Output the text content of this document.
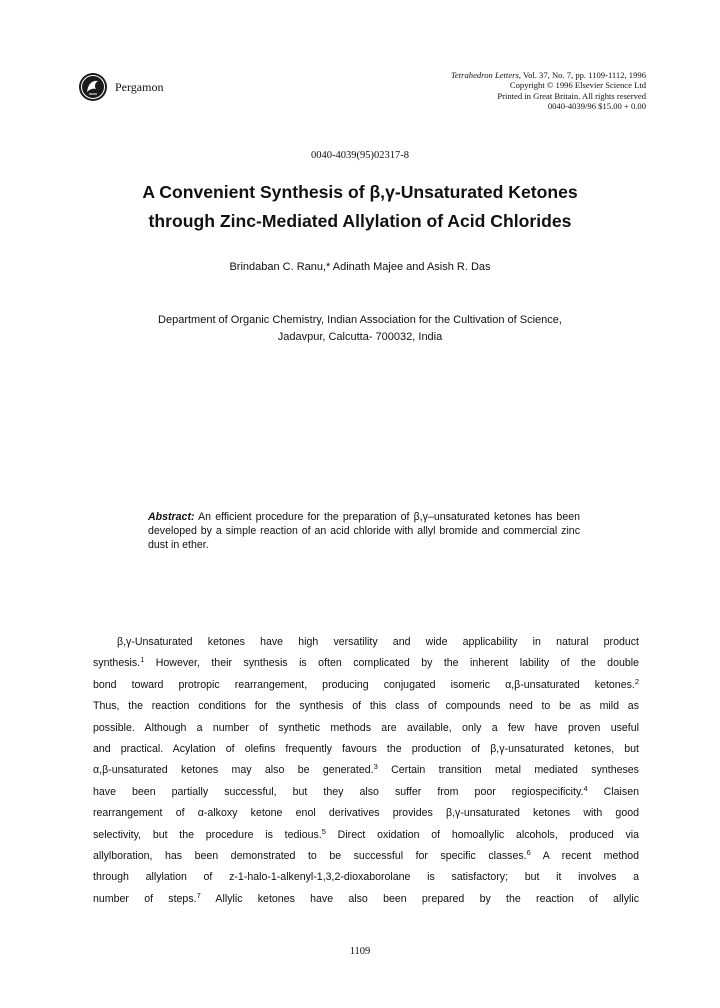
Pergamon
Tetrahedron Letters, Vol. 37, No. 7, pp. 1109-1112, 1996
Copyright © 1996 Elsevier Science Ltd
Printed in Great Britain. All rights reserved
0040-4039/96 $15.00 + 0.00
0040-4039(95)02317-8
A Convenient Synthesis of β,γ-Unsaturated Ketones
through Zinc-Mediated Allylation of Acid Chlorides
Brindaban C. Ranu,* Adinath Majee and Asish R. Das
Department of Organic Chemistry, Indian Association for the Cultivation of Science,
Jadavpur, Calcutta- 700032, India
Abstract: An efficient procedure for the preparation of β,γ–unsaturated ketones has been developed by a simple reaction of an acid chloride with allyl bromide and commercial zinc dust in ether.
β,γ-Unsaturated ketones have high versatility and wide applicability in natural product
synthesis.$^1$ However, their synthesis is often complicated by the inherent lability of the double
bond toward protropic rearrangement, producing conjugated isomeric α,β-unsaturated ketones.$^2$
Thus, the reaction conditions for the synthesis of this class of compounds need to be as mild as
possible. Although a number of synthetic methods are available, only a few have proven useful
and practical. Acylation of olefins frequently favours the production of β,γ-unsaturated ketones, but
α,β-unsaturated ketones may also be generated.$^3$ Certain transition metal mediated syntheses
have been partially successful, but they also suffer from poor regiospecificity.$^4$ Claisen
rearrangement of α-alkoxy ketone enol derivatives provides β,γ-unsaturated ketones with good
selectivity, but the procedure is tedious.$^5$ Direct oxidation of homoallylic alcohols, produced via
allylboration, has been demonstrated to be successful for specific classes.$^6$ A recent method
through allylation of z-1-halo-1-alkenyl-1,3,2-dioxaborolane is satisfactory; but it involves a
number of steps.$^7$ Allylic ketones have also been prepared by the reaction of allylic
1109
